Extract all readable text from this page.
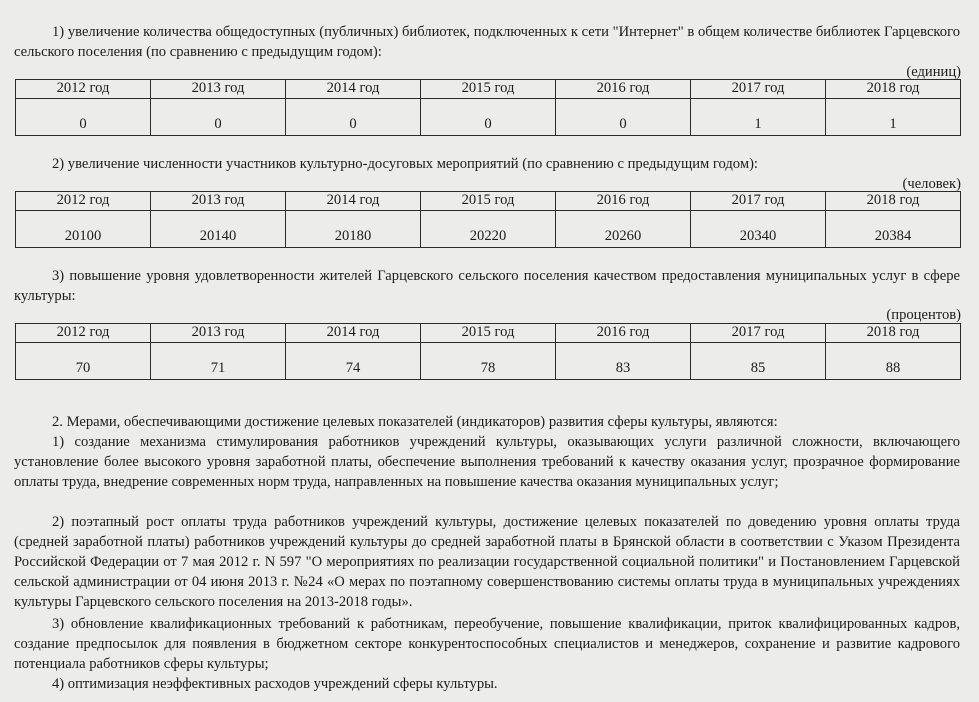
1) увеличение количества общедоступных (публичных) библиотек, подключенных к сети "Интернет" в общем количестве библиотек Гарцевского сельского поселения (по сравнению с предыдущим годом):
(единиц)
2012 год	2013 год	2014 год	2015 год	2016 год	2017 год	2018 год
0	0	0	0	0	1	1
2) увеличение численности участников культурно-досуговых мероприятий (по сравнению с предыдущим годом):
(человек)
2012 год	2013 год	2014 год	2015 год	2016 год	2017 год	2018 год
20100	20140	20180	20220	20260	20340	20384
3) повышение уровня удовлетворенности жителей Гарцевского сельского поселения качеством предоставления муниципальных услуг в сфере культуры:
(процентов)
2012 год	2013 год	2014 год	2015 год	2016 год	2017 год	2018 год
70	71	74	78	83	85	88
2. Мерами, обеспечивающими достижение целевых показателей (индикаторов) развития сферы культуры, являются:
1) создание механизма стимулирования работников учреждений культуры, оказывающих услуги различной сложности, включающего установление более высокого уровня заработной платы, обеспечение выполнения требований к качеству оказания услуг, прозрачное формирование оплаты труда, внедрение современных норм труда, направленных на повышение качества оказания муниципальных услуг;
2) поэтапный рост оплаты труда работников учреждений культуры, достижение целевых показателей по доведению уровня оплаты труда (средней заработной платы) работников учреждений культуры до средней заработной платы в Брянской области в соответствии с Указом Президента Российской Федерации от 7 мая 2012 г. N 597 "О мероприятиях по реализации государственной социальной политики" и Постановлением Гарцевской сельской администрации от 04 июня 2013 г. №24 «О мерах по поэтапному совершенствованию системы оплаты труда в муниципальных учреждениях культуры Гарцевского сельского поселения на 2013-2018 годы».
3) обновление квалификационных требований к работникам, переобучение, повышение квалификации, приток квалифицированных кадров, создание предпосылок для появления в бюджетном секторе конкурентоспособных специалистов и менеджеров, сохранение и развитие кадрового потенциала работников сферы культуры;
4) оптимизация неэффективных расходов учреждений сферы культуры.
